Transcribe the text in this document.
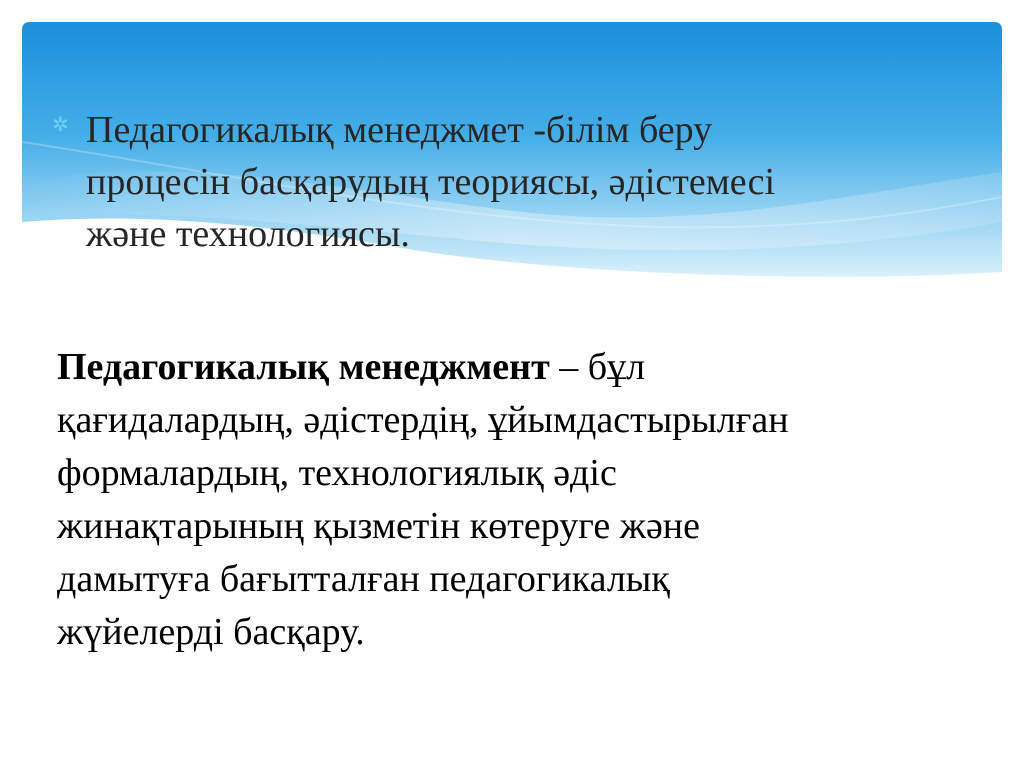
✲ Педагогикалық менеджмет -білім беру
процесін басқарудың теориясы, әдістемесі
және технологиясы.

Педагогикалық менеджмент – бұл
қағидалардың, әдістердің, ұйымдастырылған
формалардың, технологиялық әдіс
жинақтарының қызметін көтеруге және
дамытуға бағытталған педагогикалық
жүйелерді басқару.
